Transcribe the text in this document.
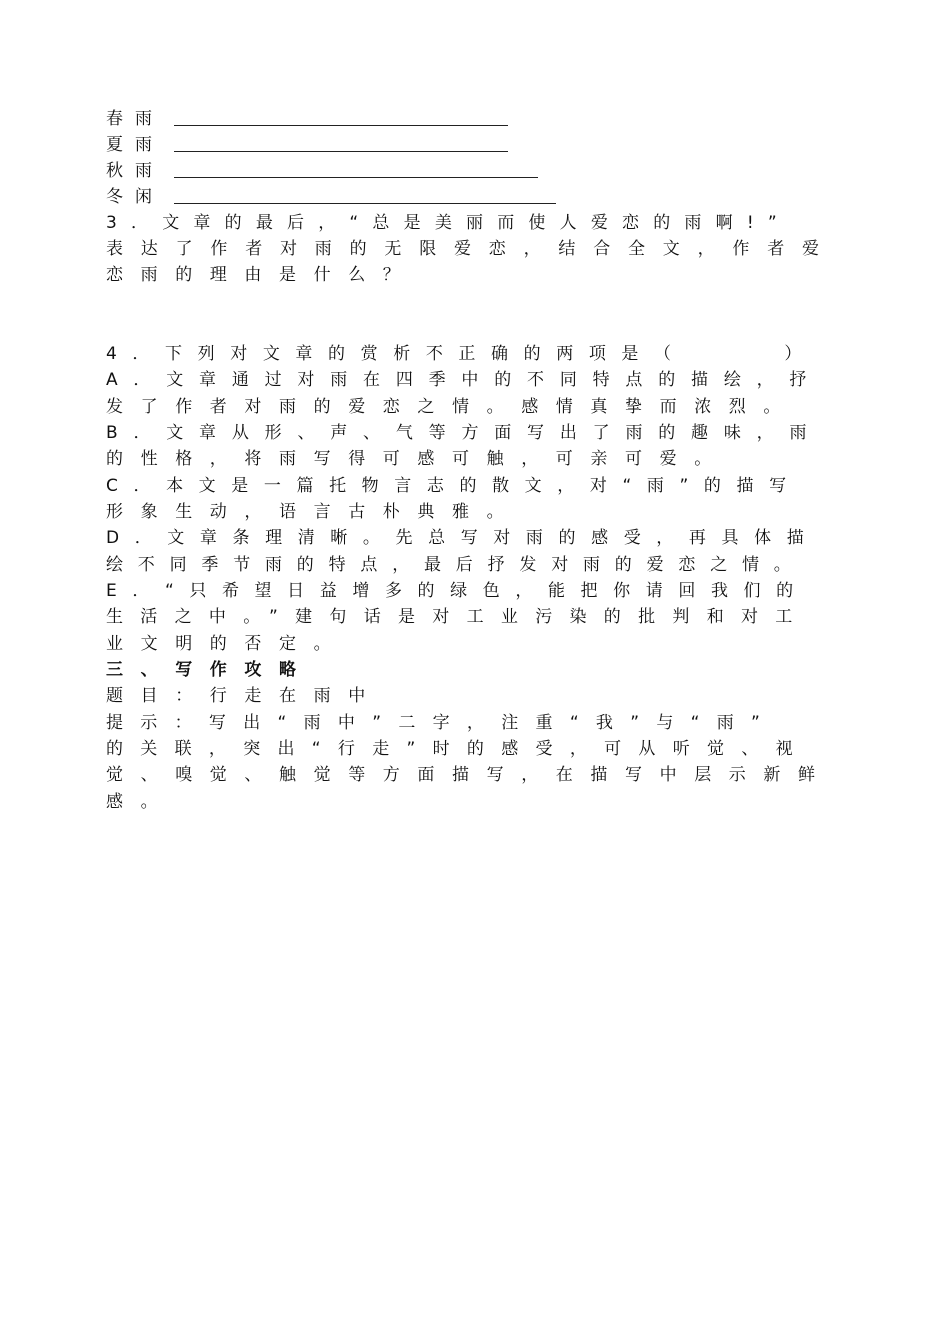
春雨
夏雨
秋雨
冬闲
3．文章的最后，“总是美丽而使人爱恋的雨啊!”
表达了作者对雨的无限爱恋，结合全文，作者爱
恋雨的理由是什么？
4．下列对文章的赏析不正确的两项是（　　　）
A．文章通过对雨在四季中的不同特点的描绘，抒
发了作者对雨的爱恋之情。感情真挚而浓烈。
B．文章从形、声、气等方面写出了雨的趣味，雨
的性格，将雨写得可感可触，可亲可爱。
C．本文是一篇托物言志的散文，对“雨”的描写
形象生动，语言古朴典雅。
D．文章条理清晰。先总写对雨的感受，再具体描
绘不同季节雨的特点，最后抒发对雨的爱恋之情。
E．“只希望日益增多的绿色，能把你请回我们的
生活之中。”建句话是对工业污染的批判和对工
业文明的否定。
三、写作攻略
题目：行走在雨中
提示：写出“雨中”二字，注重“我”与“雨”
的关联，突出“行走”时的感受，可从听觉、视
觉、嗅觉、触觉等方面描写，在描写中层示新鲜
感。
